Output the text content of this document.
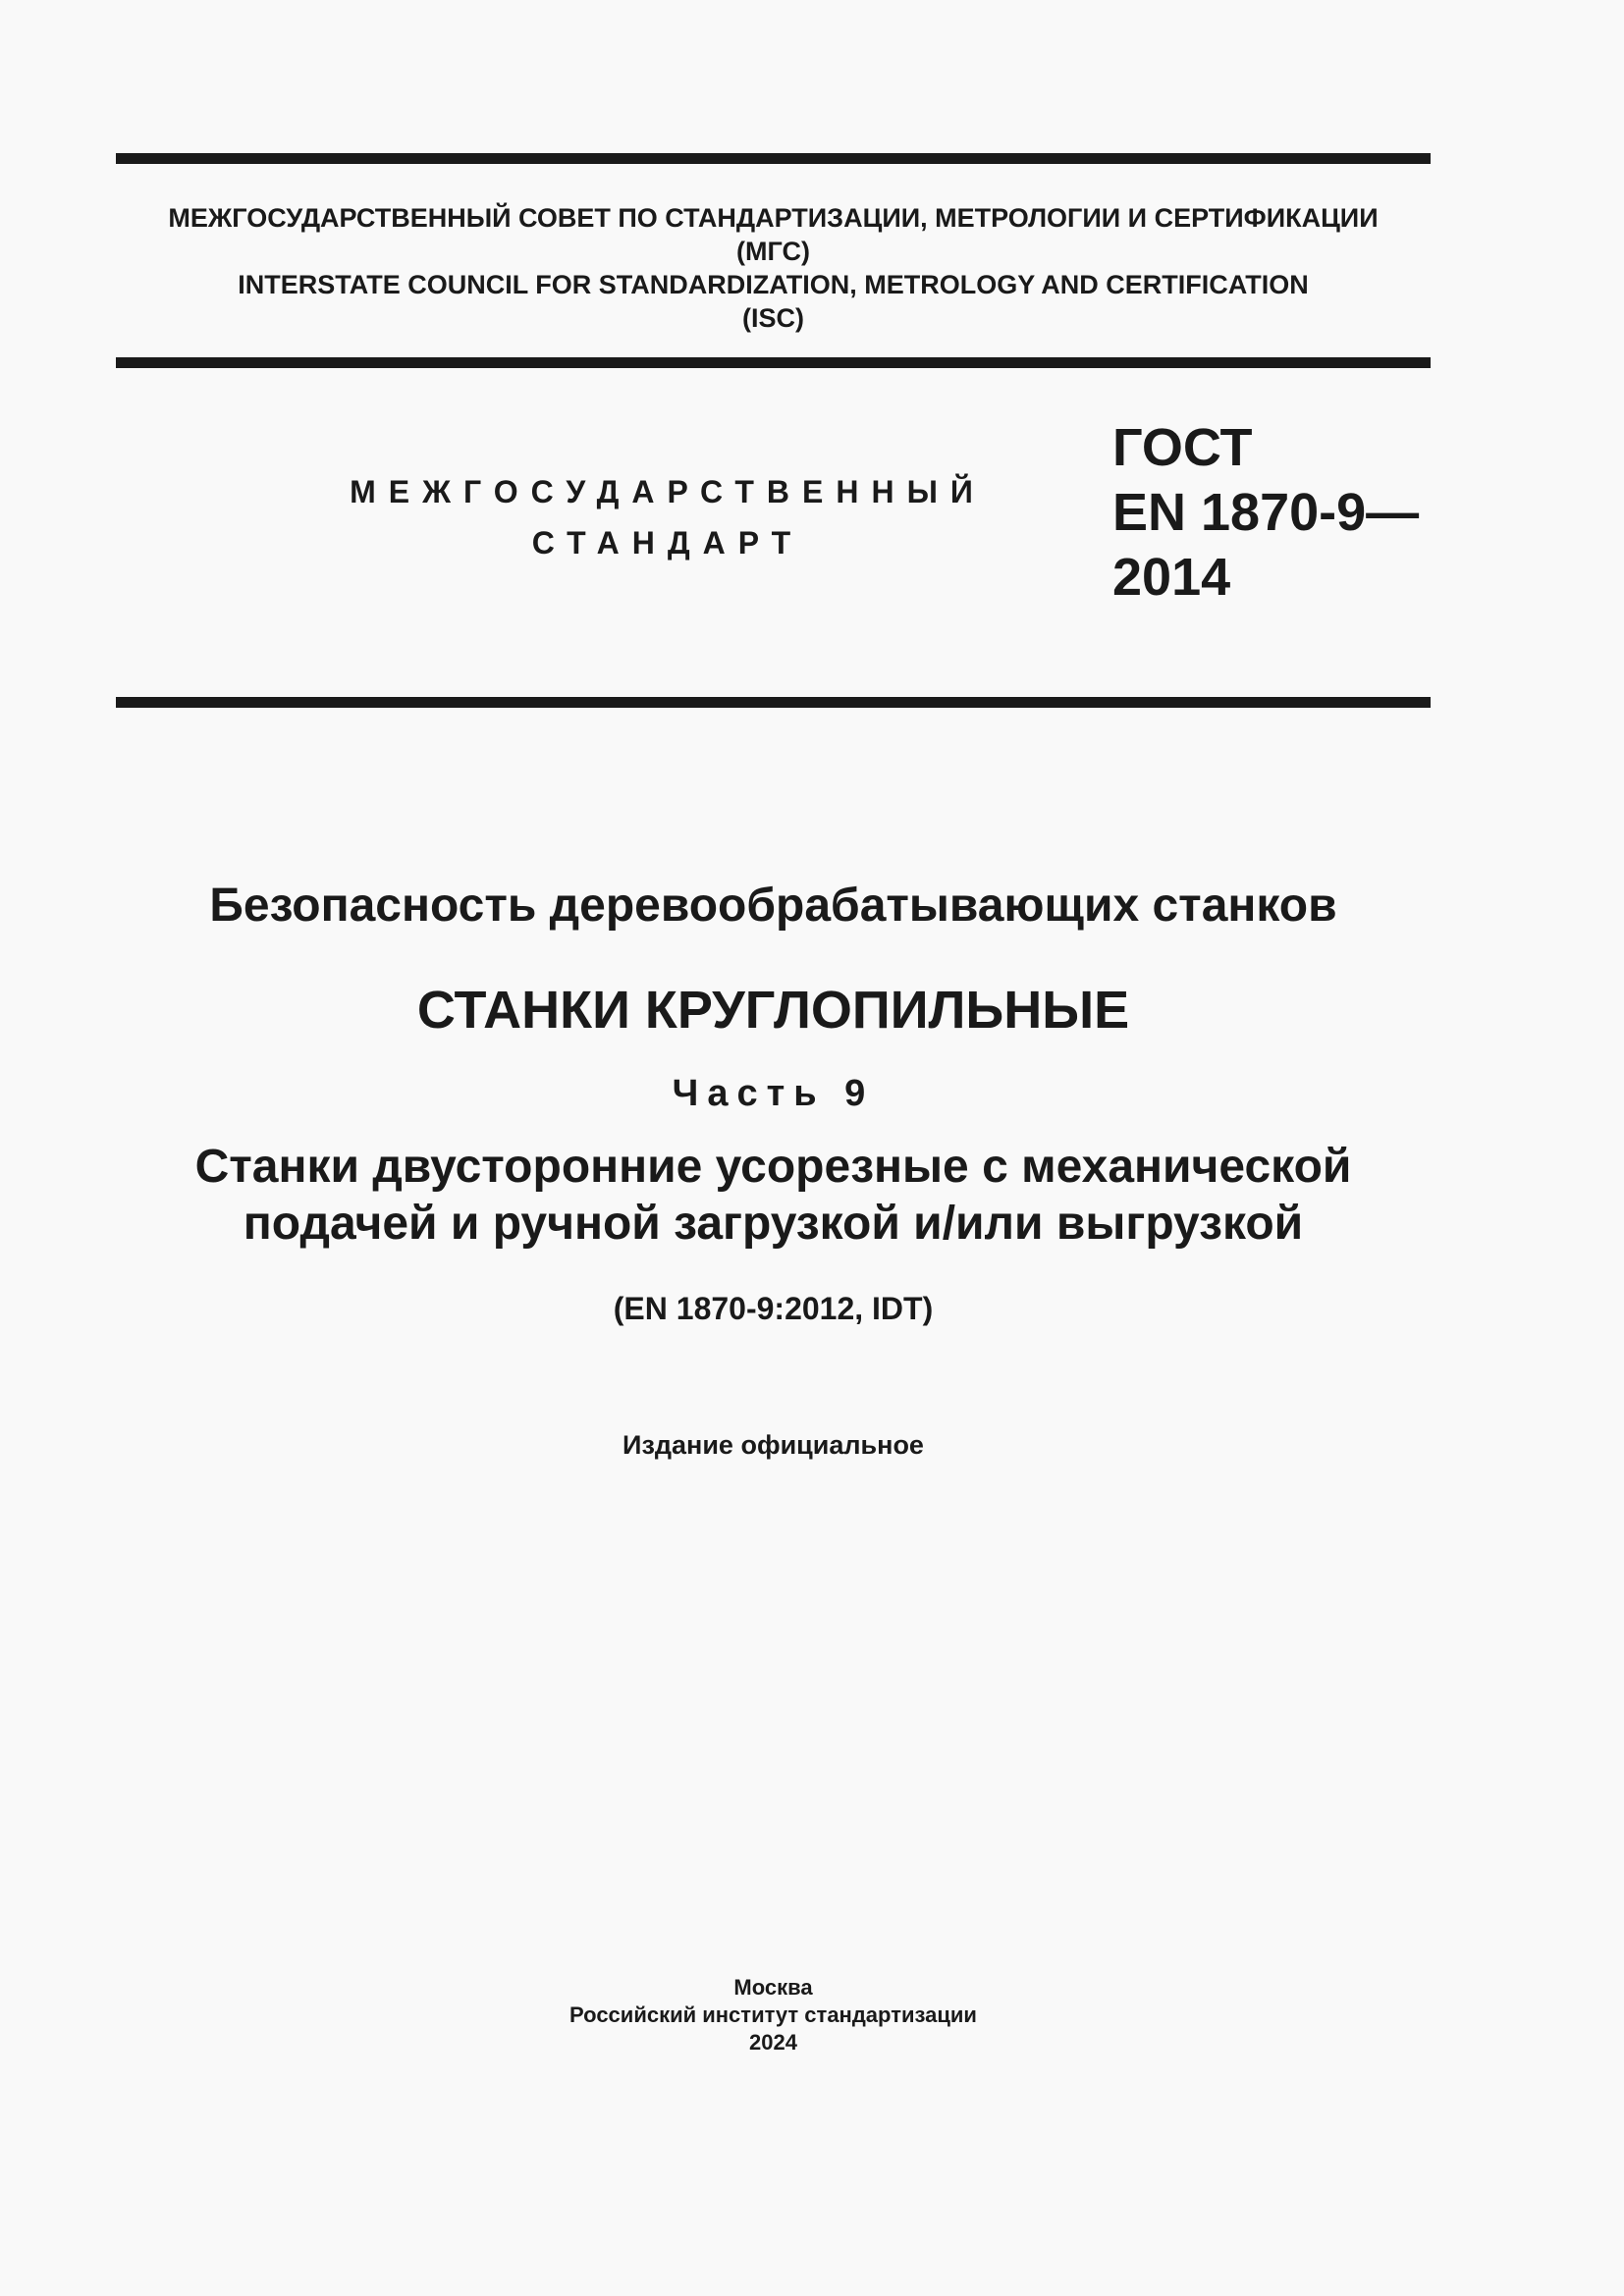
МЕЖГОСУДАРСТВЕННЫЙ СОВЕТ ПО СТАНДАРТИЗАЦИИ, МЕТРОЛОГИИ И СЕРТИФИКАЦИИ
(МГС)
INTERSTATE COUNCIL FOR STANDARDIZATION, METROLOGY AND CERTIFICATION
(ISC)
МЕЖГОСУДАРСТВЕННЫЙ
СТАНДАРТ
ГОСТ
EN 1870-9—
2014
Безопасность деревообрабатывающих станков
СТАНКИ КРУГЛОПИЛЬНЫЕ
Часть 9
Станки двусторонние усорезные с механической
подачей и ручной загрузкой и/или выгрузкой
(EN 1870-9:2012, IDT)
Издание официальное
Москва
Российский институт стандартизации
2024
